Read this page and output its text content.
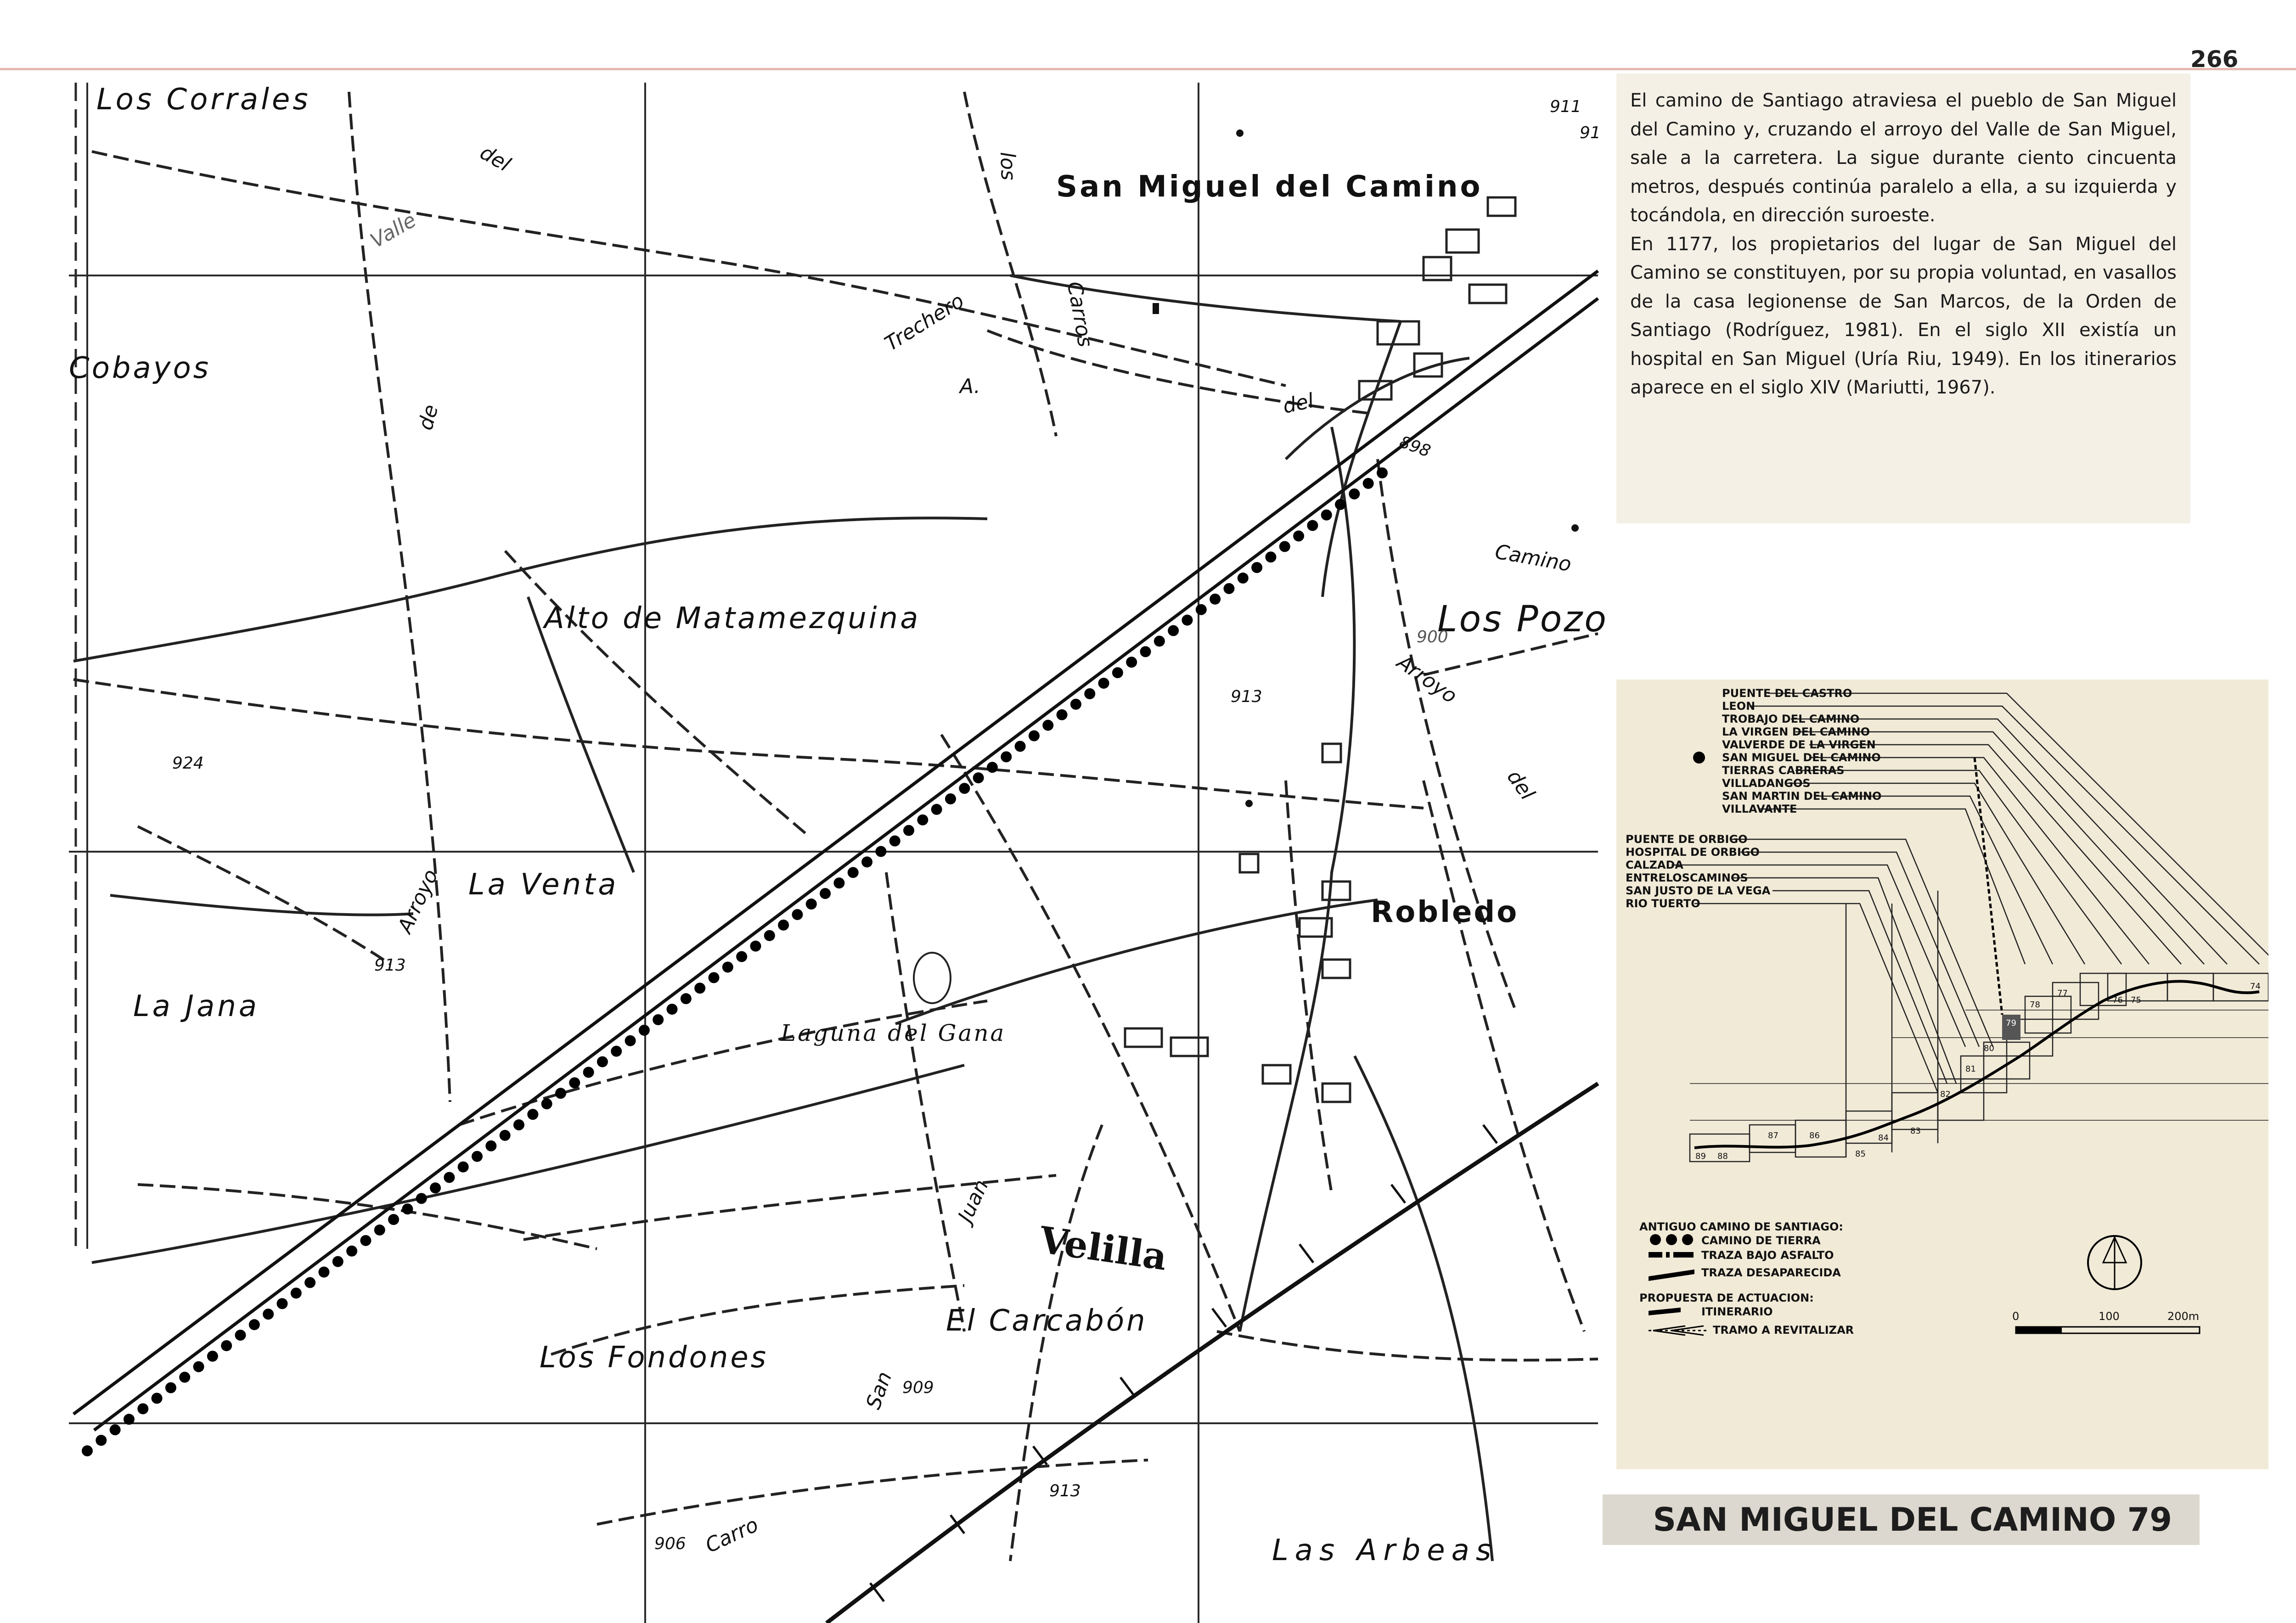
266
Los Corrales
San Miguel del Camino
Cobayos
Alto de Matamezquina	Los Pozo
La Venta
Robledo
La Jana
Laguna del Gana
Velilla
El Carcabón
Los Fondones
Las Arbeas
del
Valle
los
Carros
Trechero
A.
de	del
Camino
Arroyo
del
Arroyo
Juan
San
Carro
911
91
898
900
913
924
913
909
913
906

El camino de Santiago atraviesa el pueblo de San Miguel del Camino y, cruzando el arroyo del Valle de San Miguel, sale a la carretera. La sigue durante ciento cincuenta metros, después continúa paralelo a ella, a su izquierda y tocándola, en dirección suroeste.

En 1177, los propietarios del lugar de San Miguel del Camino se constituyen, por su propia voluntad, en vasallos de la casa legionense de San Marcos, de la Orden de Santiago (Rodríguez, 1981). En el siglo XII existía un hospital en San Miguel (Uría Riu, 1949). En los itinerarios aparece en el siglo XIV (Mariutti, 1967).

PUENTE DEL CASTRO
LEON
TROBAJO DEL CAMINO
LA VIRGEN DEL CAMINO
VALVERDE DE LA VIRGEN
SAN MIGUEL DEL CAMINO
TIERRAS CABRERAS
VILLADANGOS
SAN MARTIN DEL CAMINO
VILLAVANTE
PUENTE DE ORBIGO
HOSPITAL DE ORBIGO
CALZADA
ENTRELOSCAMINOS
SAN JUSTO DE LA VEGA
RIO TUERTO
89 88
87	86
85
84
83
82
81
80
79
78
77
76 75
74
ANTIGUO CAMINO DE SANTIAGO:
CAMINO DE TIERRA
TRAZA BAJO ASFALTO
TRAZA DESAPARECIDA
PROPUESTA DE ACTUACION:
ITINERARIO
TRAMO A REVITALIZAR
0	100	200m
SAN MIGUEL DEL CAMINO 79
